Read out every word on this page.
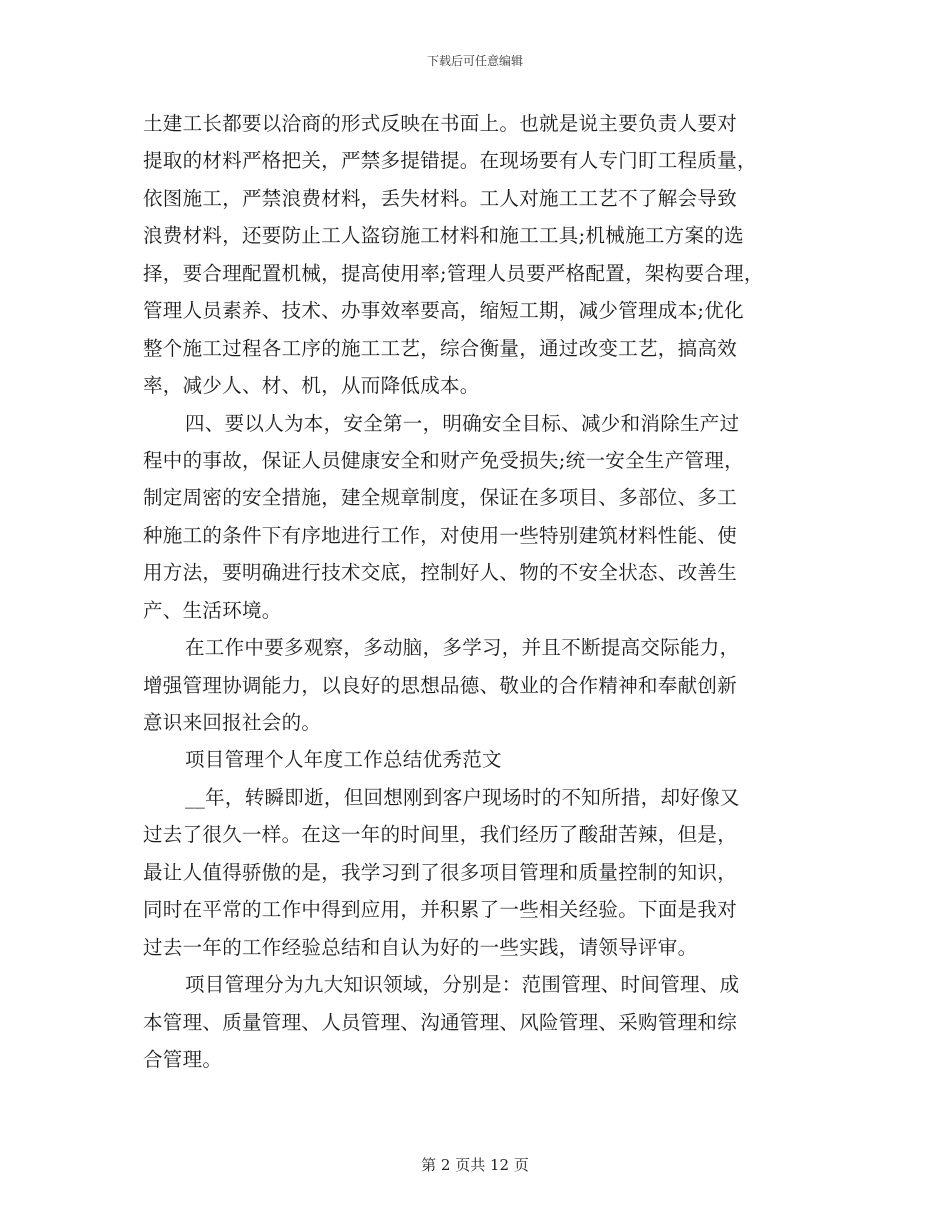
下载后可任意编辑
土建工长都要以洽商的形式反映在书面上。也就是说主要负责人要对
提取的材料严格把关，严禁多提错提。在现场要有人专门盯工程质量，
依图施工，严禁浪费材料，丢失材料。工人对施工工艺不了解会导致
浪费材料，还要防止工人盗窃施工材料和施工工具;机械施工方案的选
择，要合理配置机械，提高使用率;管理人员要严格配置，架构要合理，
管理人员素养、技术、办事效率要高，缩短工期，减少管理成本;优化
整个施工过程各工序的施工工艺，综合衡量，通过改变工艺，搞高效
率，减少人、材、机，从而降低成本。
四、要以人为本，安全第一，明确安全目标、减少和消除生产过
程中的事故，保证人员健康安全和财产免受损失;统一安全生产管理，
制定周密的安全措施，建全规章制度，保证在多项目、多部位、多工
种施工的条件下有序地进行工作，对使用一些特别建筑材料性能、使
用方法，要明确进行技术交底，控制好人、物的不安全状态、改善生
产、生活环境。
在工作中要多观察，多动脑，多学习，并且不断提高交际能力，
增强管理协调能力，以良好的思想品德、敬业的合作精神和奉献创新
意识来回报社会的。
项目管理个人年度工作总结优秀范文
__年，转瞬即逝，但回想刚到客户现场时的不知所措，却好像又
过去了很久一样。在这一年的时间里，我们经历了酸甜苦辣，但是，
最让人值得骄傲的是，我学习到了很多项目管理和质量控制的知识，
同时在平常的工作中得到应用，并积累了一些相关经验。下面是我对
过去一年的工作经验总结和自认为好的一些实践，请领导评审。
项目管理分为九大知识领域，分别是：范围管理、时间管理、成
本管理、质量管理、人员管理、沟通管理、风险管理、采购管理和综
合管理。
第 2 页共 12 页
